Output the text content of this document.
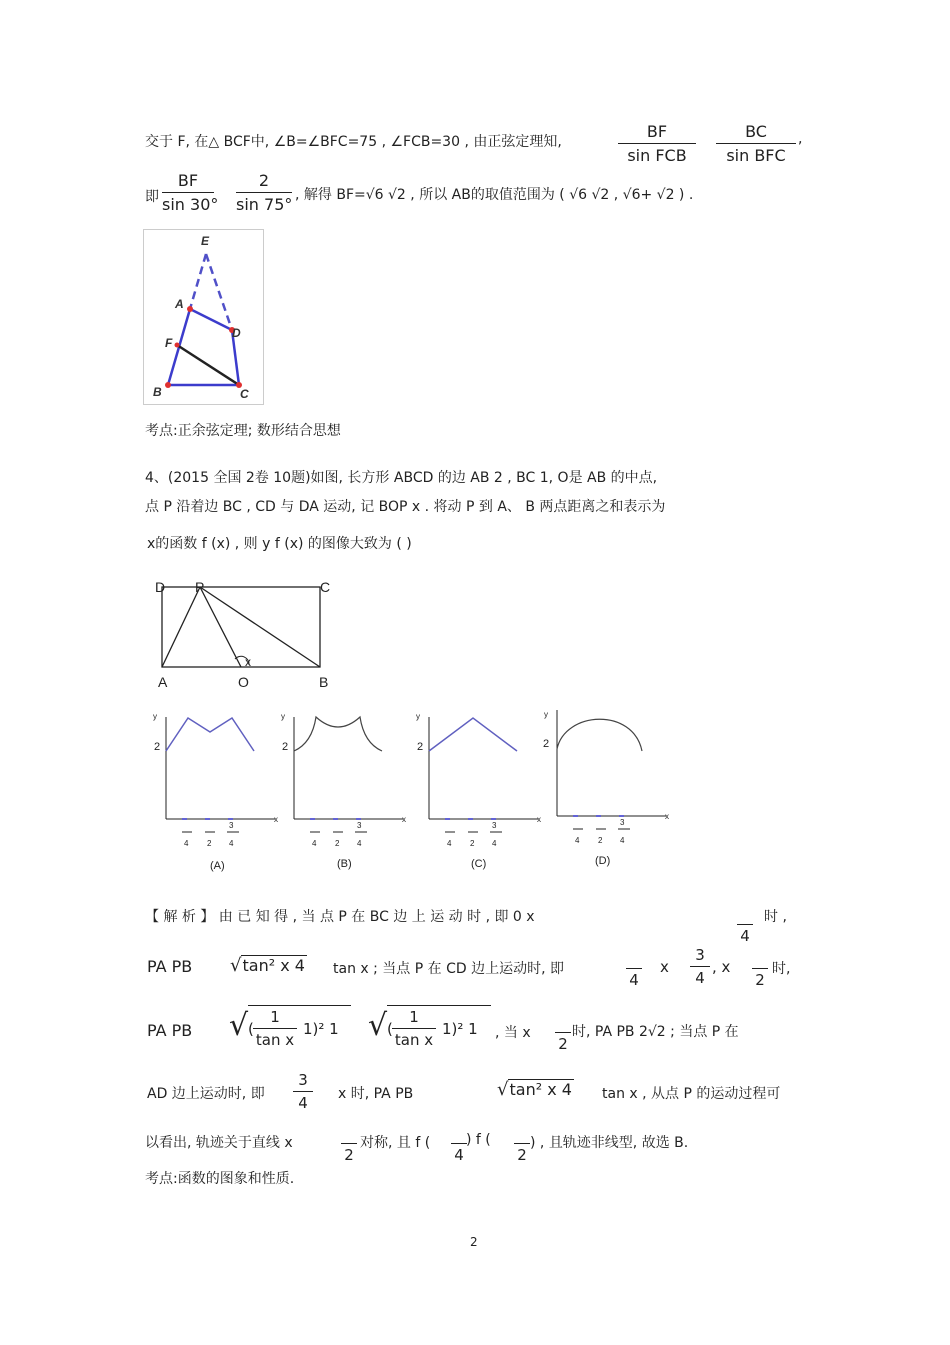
交于 F, 在△ BCF中, ∠B=∠BFC=75 , ∠FCB=30 , 由正弦定理知,
BF
sin FCB
BC
sin BFC
,
即
BF
sin 30°
2
sin 75° , 解得 BF=√6 √2 , 所以 AB的取值范围为 ( √6 √2 , √6+ √2 ) .
E
A
D
F
B	C
考点:正余弦定理; 数形结合思想
4、(2015 全国 2卷 10题)如图, 长方形 ABCD 的边 AB 2 , BC 1, O是 AB 的中点,
点 P 沿着边 BC , CD 与 DA 运动, 记 BOP x . 将动 P 到 A、 B 两点距离之和表示为
x的函数 f (x) , 则 y f (x) 的图像大致为 ( )
D P	C
A	O	B
x
y
2
x
4 2
3
4
(A)
y
2
x
4 2
3
4
(B)
y
2
x
4 2
3
4
(C)
y
2
x
4 2
3
4
(D)
【 解 析 】 由 已 知 得 , 当 点 P 在 BC 边 上 运 动 时 , 即 0 x

4
时 ,
PA PB √tan² x 4 tan x ; 当点 P 在 CD 边上运动时, 即

4
x
3
4
, x

2
时,
PA PB √ (
1
tan x
1)² 1 √ (
1
tan x
1)² 1 , 当 x

2
时, PA PB 2√2 ; 当点 P 在
AD 边上运动时, 即
3
4	x 时, PA PB	√tan² x 4 tan x , 从点 P 的运动过程可
以看出, 轨迹关于直线 x

2
对称, 且 f (

4
) f (

2
) , 且轨迹非线型, 故选 B.
考点:函数的图象和性质.
2
